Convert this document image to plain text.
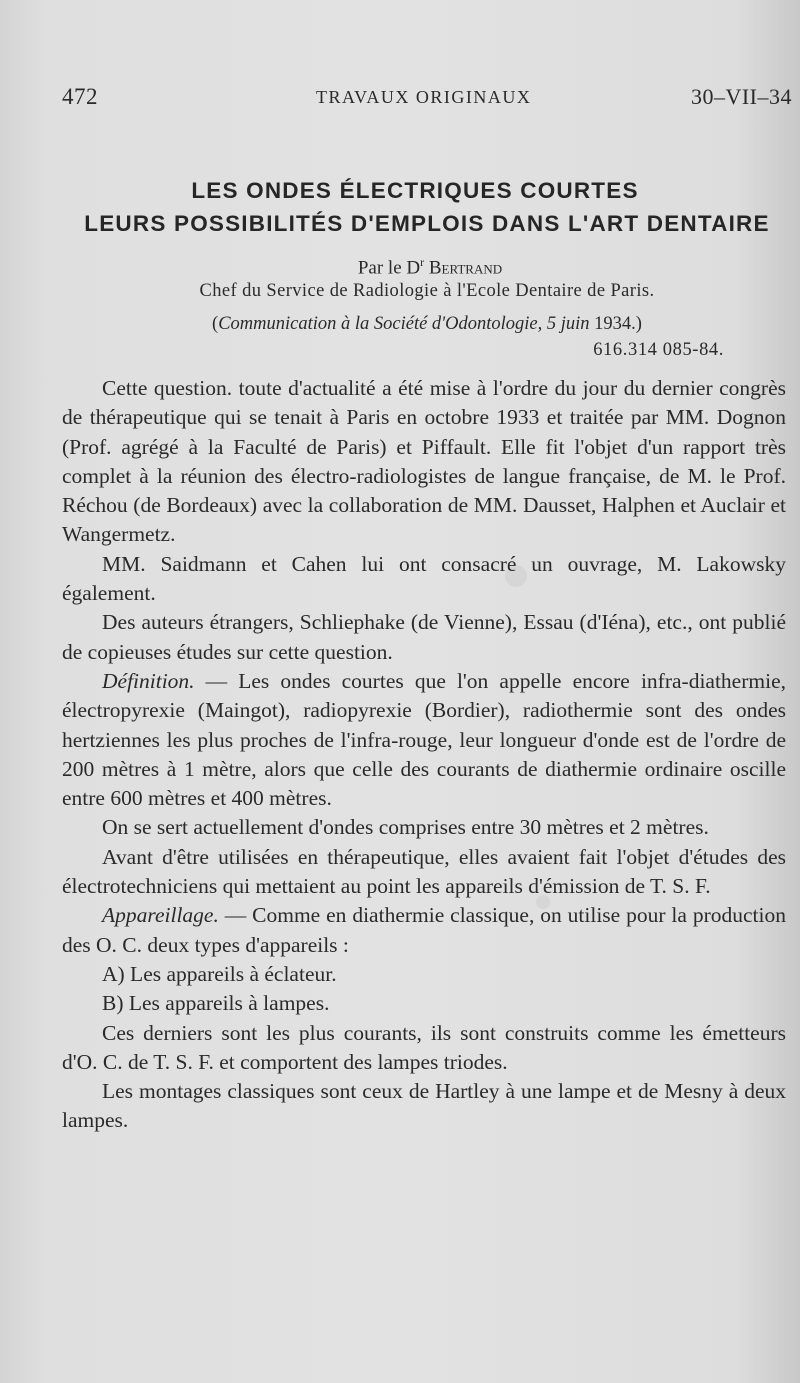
472	TRAVAUX ORIGINAUX	30–VII–34
LES ONDES ÉLECTRIQUES COURTES
LEURS POSSIBILITÉS D'EMPLOIS DANS L'ART DENTAIRE
Par le $D^r$ Bertrand
Chef du Service de Radiologie à l'Ecole Dentaire de Paris.
(Communication à la Société d'Odontologie, 5 juin 1934.)
616.314 085-84.

Cette question. toute d'actualité a été mise à l'ordre du jour du dernier congrès de thérapeutique qui se tenait à Paris en octobre 1933 et traitée par MM. Dognon (Prof. agrégé à la Faculté de Paris) et Piffault. Elle fit l'objet d'un rapport très complet à la réunion des électro-radiologistes de langue française, de M. le Prof. Réchou (de Bordeaux) avec la collaboration de MM. Dausset, Halphen et Auclair et Wangermetz.

MM. Saidmann et Cahen lui ont consacré un ouvrage, M. Lakowsky également.

Des auteurs étrangers, Schliephake (de Vienne), Essau (d'Iéna), etc., ont publié de copieuses études sur cette question.

Définition. — Les ondes courtes que l'on appelle encore infra-diathermie, électropyrexie (Maingot), radiopyrexie (Bordier), radiothermie sont des ondes hertziennes les plus proches de l'infra-rouge, leur longueur d'onde est de l'ordre de 200 mètres à 1 mètre, alors que celle des courants de diathermie ordinaire oscille entre 600 mètres et 400 mètres.

On se sert actuellement d'ondes comprises entre 30 mètres et 2 mètres.

Avant d'être utilisées en thérapeutique, elles avaient fait l'objet d'études des électrotechniciens qui mettaient au point les appareils d'émission de T. S. F.

Appareillage. — Comme en diathermie classique, on utilise pour la production des O. C. deux types d'appareils :

A) Les appareils à éclateur.

B) Les appareils à lampes.

Ces derniers sont les plus courants, ils sont construits comme les émetteurs d'O. C. de T. S. F. et comportent des lampes triodes.

Les montages classiques sont ceux de Hartley à une lampe et de Mesny à deux lampes.
